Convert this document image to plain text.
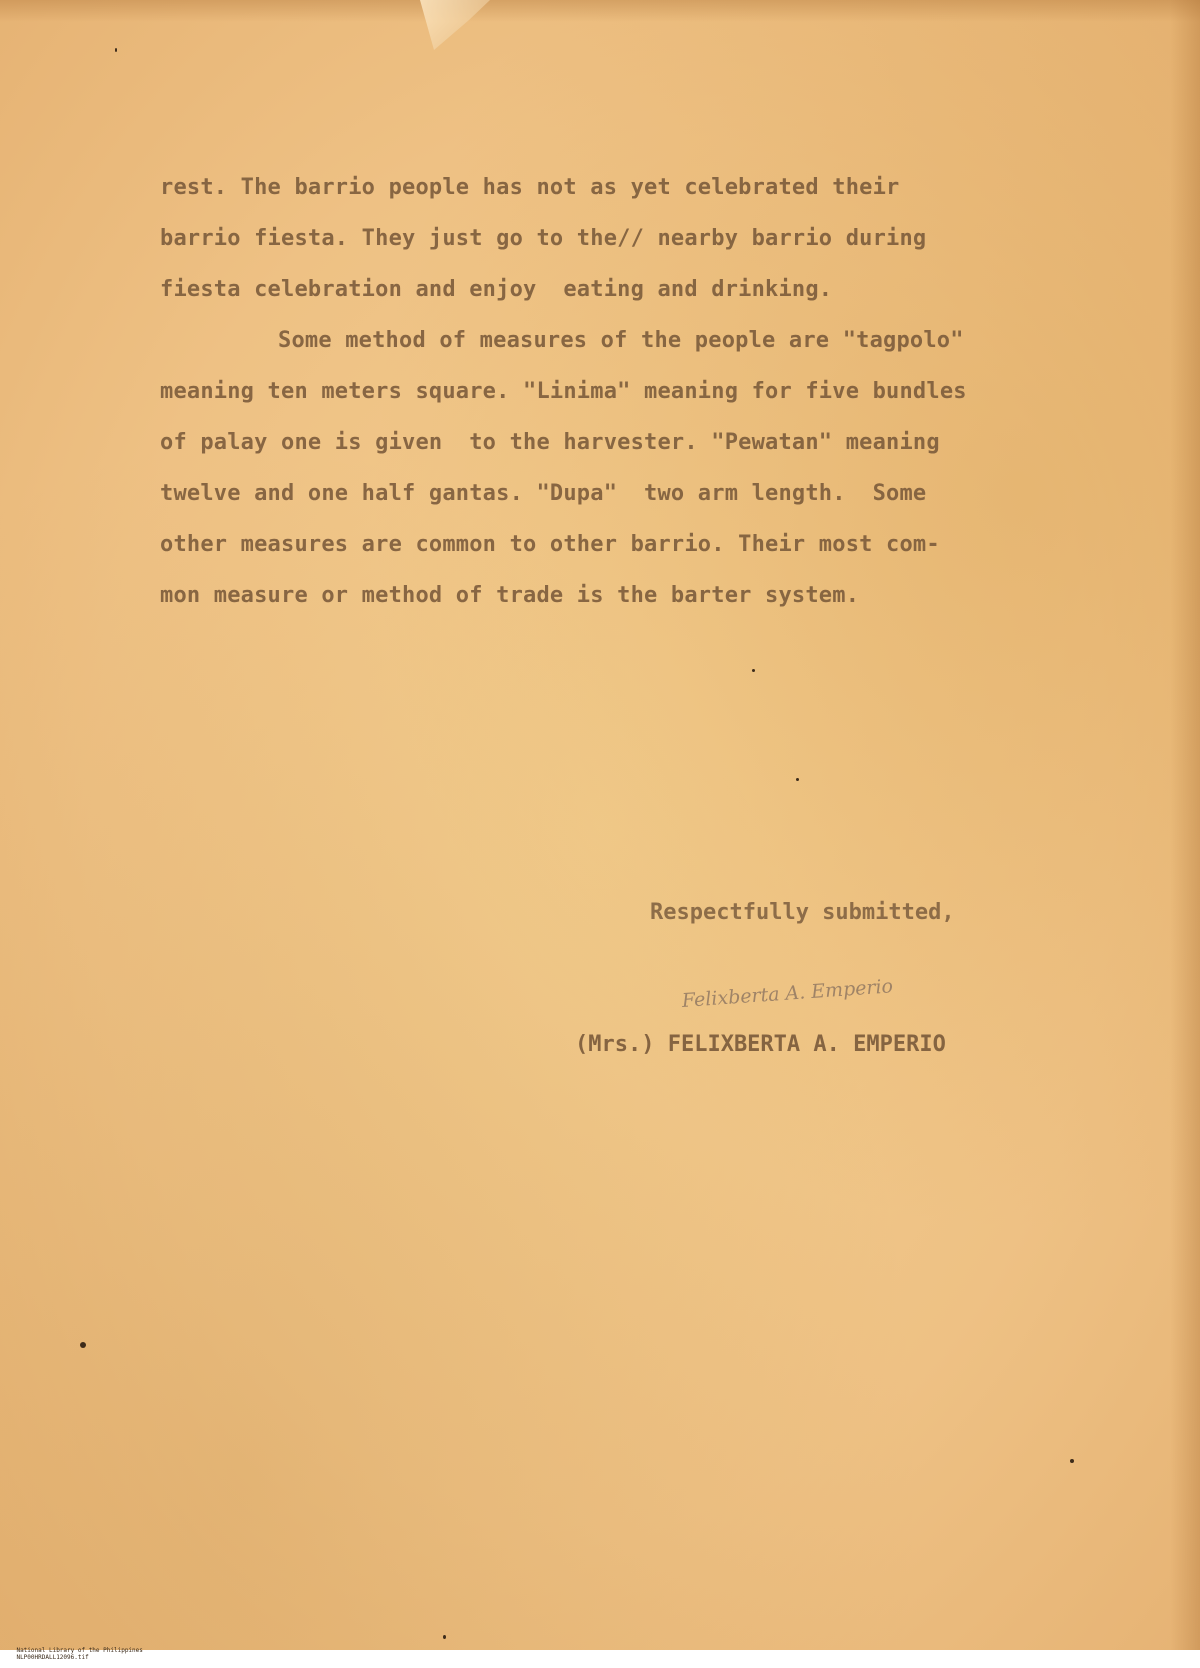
rest. The barrio people has not as yet celebrated their
barrio fiesta. They just go to the// nearby barrio during
fiesta celebration and enjoy  eating and drinking.
Some method of measures of the people are "tagpolo"
meaning ten meters square. "Linima" meaning for five bundles
of palay one is given  to the harvester. "Pewatan" meaning
twelve and one half gantas. "Dupa"  two arm length.  Some
other measures are common to other barrio. Their most com-
mon measure or method of trade is the barter system.
Respectfully submitted,
Felixberta A. Emperio
(Mrs.) FELIXBERTA A. EMPERIO

National Library of the Philippines
NLP00HRDALL12096.tif
